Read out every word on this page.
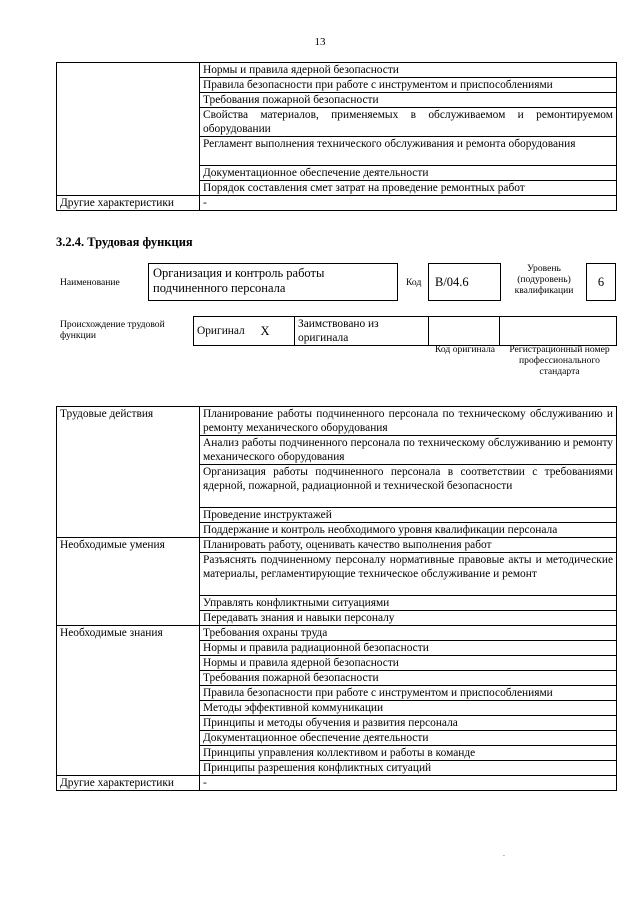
13
	Нормы и правила ядерной безопасности
	Правила безопасности при работе с инструментом и приспособлениями
	Требования пожарной безопасности
	Свойства материалов, применяемых в обслуживаемом и ремонтируемом оборудовании
	Регламент выполнения технического обслуживания и ремонта оборудования
	Документационное обеспечение деятельности
	Порядок составления смет затрат на проведение ремонтных работ
Другие характеристики	-
3.2.4. Трудовая функция
Наименование
Организация и контроль работы подчиненного персонала	Код	B/04.6
Уровень (подуровень) квалификации
6
Происхождение трудовой функции	Оригинал	X	Заимствовано из оригинала		
Код оригинала	Регистрационный номер профессионального стандарта
Трудовые действия	Планирование работы подчиненного персонала по техническому обслуживанию и ремонту механического оборудования
	Анализ работы подчиненного персонала по техническому обслуживанию и ремонту механического оборудования
	Организация работы подчиненного персонала в соответствии с требованиями ядерной, пожарной, радиационной и технической безопасности
	Проведение инструктажей
	Поддержание и контроль необходимого уровня квалификации персонала
Необходимые умения	Планировать работу, оценивать качество выполнения работ
	Разъяснять подчиненному персоналу нормативные правовые акты и методические материалы, регламентирующие техническое обслуживание и ремонт
	Управлять конфликтными ситуациями
	Передавать знания и навыки персоналу
Необходимые знания	Требования охраны труда
	Нормы и правила радиационной безопасности
	Нормы и правила ядерной безопасности
	Требования пожарной безопасности
	Правила безопасности при работе с инструментом и приспособлениями
	Методы эффективной коммуникации
	Принципы и методы обучения и развития персонала
	Документационное обеспечение деятельности
	Принципы управления коллективом и работы в команде
	Принципы разрешения конфликтных ситуаций
Другие характеристики	-
ᵕ
